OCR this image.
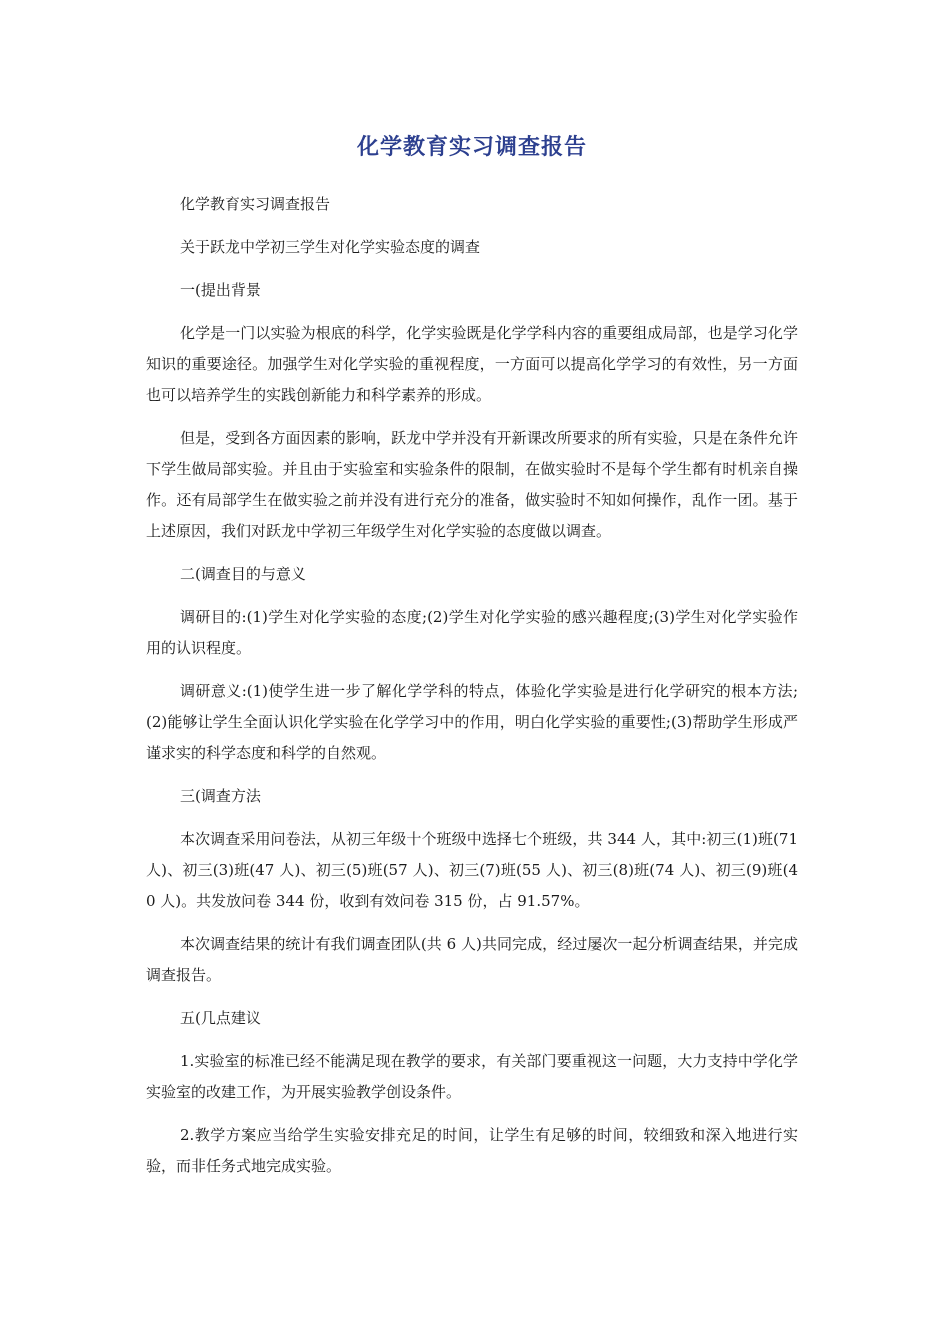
化学教育实习调查报告

化学教育实习调查报告

关于跃龙中学初三学生对化学实验态度的调查

一(提出背景

化学是一门以实验为根底的科学，化学实验既是化学学科内容的重要组成局部，也是学习化学知识的重要途径。加强学生对化学实验的重视程度，一方面可以提高化学学习的有效性，另一方面也可以培养学生的实践创新能力和科学素养的形成。

但是，受到各方面因素的影响，跃龙中学并没有开新课改所要求的所有实验，只是在条件允许下学生做局部实验。并且由于实验室和实验条件的限制，在做实验时不是每个学生都有时机亲自操作。还有局部学生在做实验之前并没有进行充分的准备，做实验时不知如何操作，乱作一团。基于上述原因，我们对跃龙中学初三年级学生对化学实验的态度做以调查。

二(调查目的与意义

调研目的:(1)学生对化学实验的态度;(2)学生对化学实验的感兴趣程度;(3)学生对化学实验作用的认识程度。

调研意义:(1)使学生进一步了解化学学科的特点，体验化学实验是进行化学研究的根本方法;(2)能够让学生全面认识化学实验在化学学习中的作用，明白化学实验的重要性;(3)帮助学生形成严谨求实的科学态度和科学的自然观。

三(调查方法

本次调查采用问卷法，从初三年级十个班级中选择七个班级，共 344 人，其中:初三(1)班(71 人)、初三(3)班(47 人)、初三(5)班(57 人)、初三(7)班(55 人)、初三(8)班(74 人)、初三(9)班(40 人)。共发放问卷 344 份，收到有效问卷 315 份，占 91.57%。

本次调查结果的统计有我们调查团队(共 6 人)共同完成，经过屡次一起分析调查结果，并完成调查报告。

五(几点建议

1.实验室的标准已经不能满足现在教学的要求，有关部门要重视这一问题，大力支持中学化学实验室的改建工作，为开展实验教学创设条件。

2.教学方案应当给学生实验安排充足的时间，让学生有足够的时间，较细致和深入地进行实验，而非任务式地完成实验。
